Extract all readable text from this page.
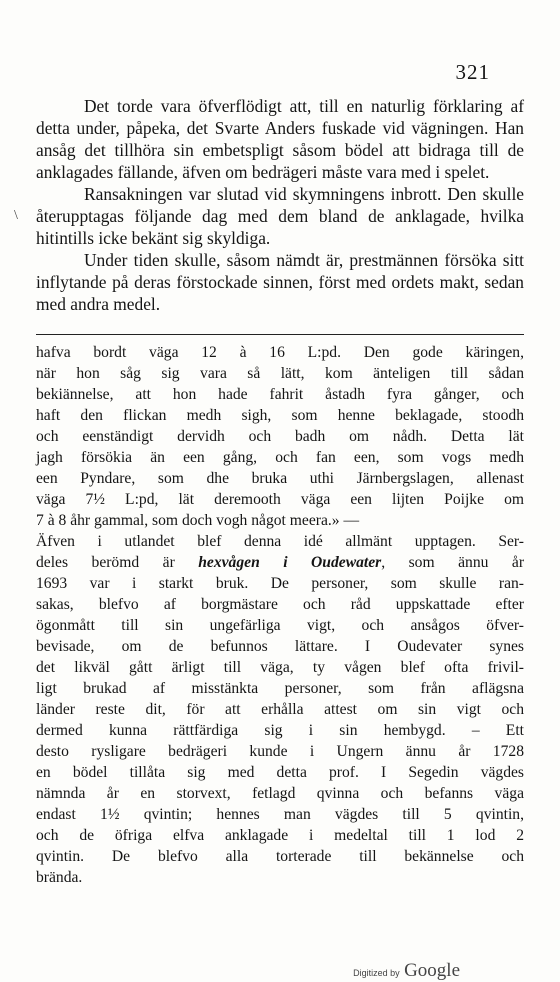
321
\

Det torde vara öfverflödigt att, till en naturlig förklaring af detta under, påpeka, det Svarte Anders fuskade vid vägningen. Han ansåg det tillhöra sin embetspligt såsom bödel att bidraga till de anklagades fällande, äfven om bedrägeri måste vara med i spelet.

Ransakningen var slutad vid skymningens inbrott. Den skulle återupptagas följande dag med dem bland de anklagade, hvilka hitintills icke bekänt sig skyldiga.

Under tiden skulle, såsom nämdt är, prestmännen försöka sitt inflytande på deras förstockade sinnen, först med ordets makt, sedan med andra medel.

hafva bordt väga 12 à 16 L:pd. Den gode käringen,
när hon såg sig vara så lätt, kom änteligen till sådan
bekiännelse, att hon hade fahrit åstadh fyra gånger, och
haft den flickan medh sigh, som henne beklagade, stoodh
och eenständigt dervidh och badh om nådh. Detta lät
jagh försökia än een gång, och fan een, som vogs medh
een Pyndare, som dhe bruka uthi Järnbergslagen, allenast
väga 7½ L:pd, lät deremooth väga een lijten Poijke om
7 à 8 åhr gammal, som doch vogh något meera.» —
Äfven i utlandet blef denna idé allmänt upptagen. Ser-
deles berömd är hexvågen i Oudewater, som ännu år
1693 var i starkt bruk. De personer, som skulle ran-
sakas, blefvo af borgmästare och råd uppskattade efter
ögonmått till sin ungefärliga vigt, och ansågos öfver-
bevisade, om de befunnos lättare. I Oudevater synes
det likväl gått ärligt till väga, ty vågen blef ofta frivil-
ligt brukad af misstänkta personer, som från aflägsna
länder reste dit, för att erhålla attest om sin vigt och
dermed kunna rättfärdiga sig i sin hembygd. – Ett
desto rysligare bedrägeri kunde i Ungern ännu år 1728
en bödel tillåta sig med detta prof. I Segedin vägdes
nämnda år en storvext, fetlagd qvinna och befanns väga
endast 1½ qvintin; hennes man vägdes till 5 qvintin,
och de öfriga elfva anklagade i medeltal till 1 lod 2
qvintin. De blefvo alla torterade till bekännelse och
brända.
Digitized by Google
